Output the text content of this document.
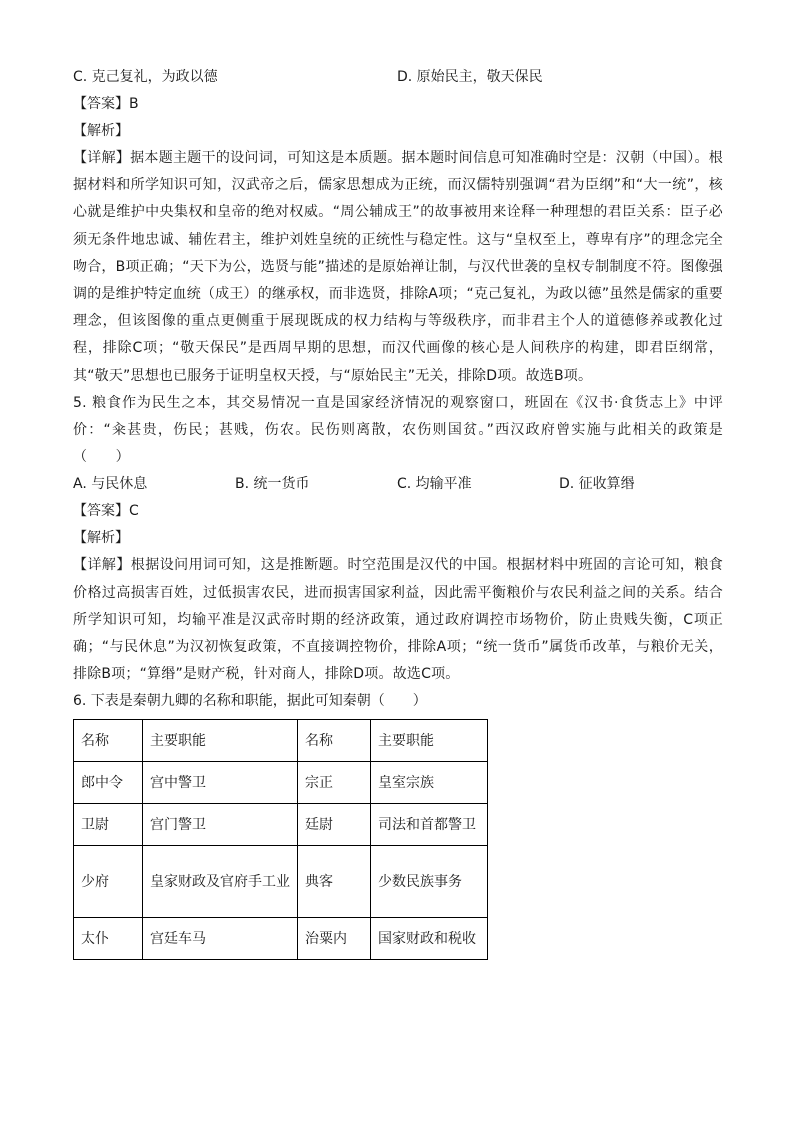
C. 克己复礼，为政以德	D. 原始民主，敬天保民
【答案】B
【解析】
【详解】据本题主题干的设问词，可知这是本质题。据本题时间信息可知准确时空是：汉朝（中国）。根据材料和所学知识可知，汉武帝之后，儒家思想成为正统，而汉儒特别强调“君为臣纲”和“大一统”，核心就是维护中央集权和皇帝的绝对权威。“周公辅成王”的故事被用来诠释一种理想的君臣关系：臣子必须无条件地忠诚、辅佐君主，维护刘姓皇统的正统性与稳定性。这与“皇权至上，尊卑有序”的理念完全吻合，B项正确；“天下为公，选贤与能”描述的是原始禅让制，与汉代世袭的皇权专制制度不符。图像强调的是维护特定血统（成王）的继承权，而非选贤，排除A项；“克己复礼，为政以德”虽然是儒家的重要理念，但该图像的重点更侧重于展现既成的权力结构与等级秩序，而非君主个人的道德修养或教化过程，排除C项；“敬天保民”是西周早期的思想，而汉代画像的核心是人间秩序的构建，即君臣纲常，其“敬天”思想也已服务于证明皇权天授，与“原始民主”无关，排除D项。故选B项。
5. 粮食作为民生之本，其交易情况一直是国家经济情况的观察窗口，班固在《汉书·食货志上》中评价：“籴甚贵，伤民；甚贱，伤农。民伤则离散，农伤则国贫。”西汉政府曾实施与此相关的政策是（　　）
A. 与民休息	B. 统一货币	C. 均输平准	D. 征收算缗
【答案】C
【解析】
【详解】根据设问用词可知，这是推断题。时空范围是汉代的中国。根据材料中班固的言论可知，粮食价格过高损害百姓，过低损害农民，进而损害国家利益，因此需平衡粮价与农民利益之间的关系。结合所学知识可知，均输平准是汉武帝时期的经济政策，通过政府调控市场物价，防止贵贱失衡，C项正确；“与民休息”为汉初恢复政策，不直接调控物价，排除A项；“统一货币”属货币改革，与粮价无关，排除B项；“算缗”是财产税，针对商人，排除D项。故选C项。
6. 下表是秦朝九卿的名称和职能，据此可知秦朝（　　）
名称	主要职能	名称	主要职能
郎中令	宫中警卫	宗正	皇室宗族
卫尉	宫门警卫	廷尉	司法和首都警卫
少府	皇家财政及官府手工业	典客	少数民族事务
太仆	宫廷车马	治粟内	国家财政和税收
